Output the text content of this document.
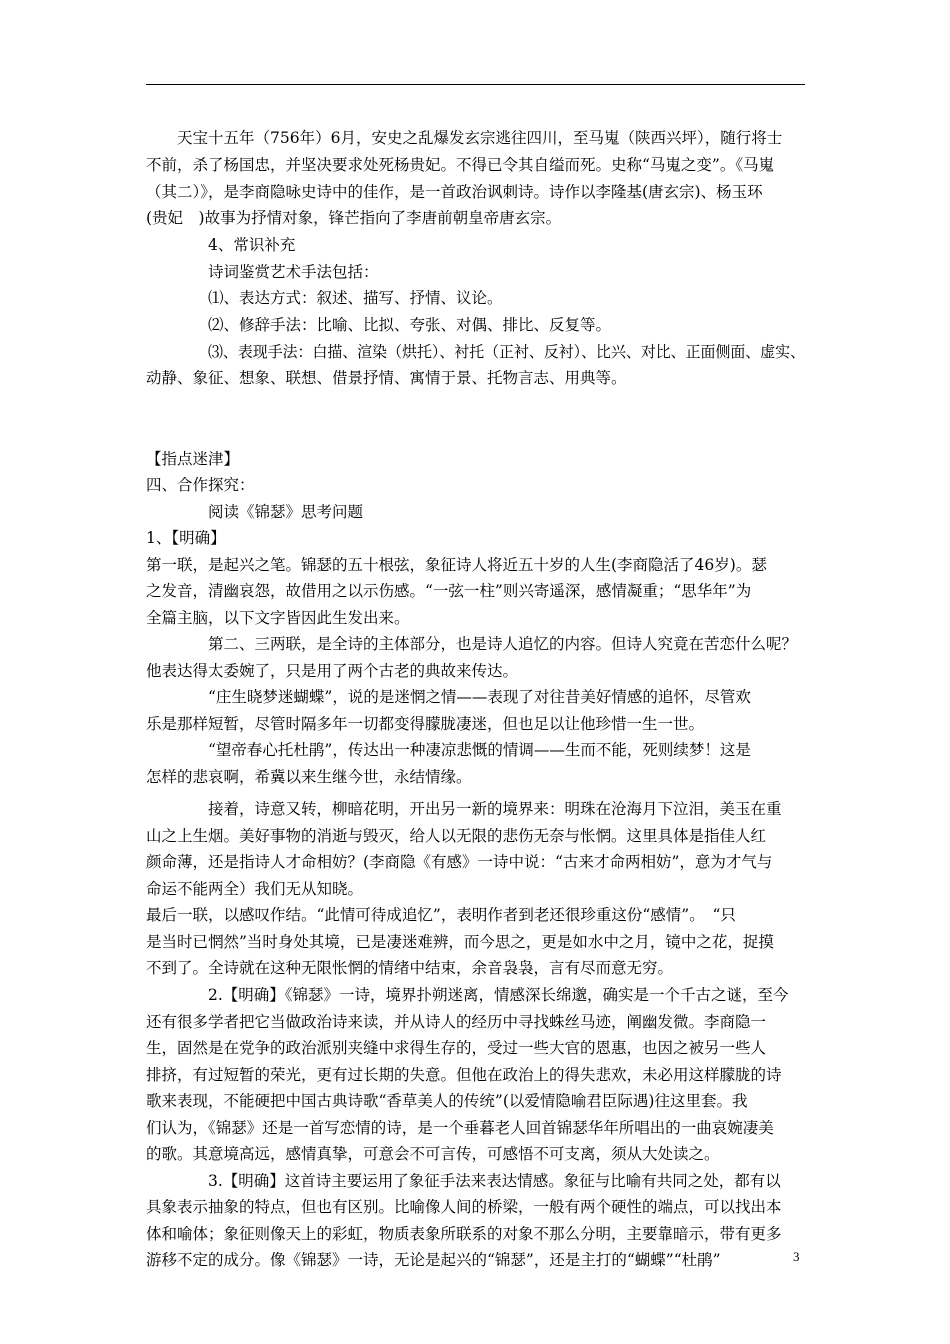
天宝十五年（756年）6月，安史之乱爆发玄宗逃往四川，至马嵬（陕西兴坪），随行将士
不前，杀了杨国忠，并坚决要求处死杨贵妃。不得已令其自缢而死。史称“马嵬之变”。《马嵬
（其二）》，是李商隐咏史诗中的佳作，是一首政治讽刺诗。诗作以李隆基(唐玄宗)、杨玉环
(贵妃　)故事为抒情对象，锋芒指向了李唐前朝皇帝唐玄宗。
4、常识补充
诗词鉴赏艺术手法包括：
⑴、表达方式：叙述、描写、抒情、议论。
⑵、修辞手法：比喻、比拟、夸张、对偶、排比、反复等。
⑶、表现手法：白描、渲染（烘托）、衬托（正衬、反衬）、比兴、对比、正面侧面、虚实、
动静、象征、想象、联想、借景抒情、寓情于景、托物言志、用典等。
【指点迷津】
四、合作探究：
阅读《锦瑟》思考问题
1、【明确】
第一联，是起兴之笔。锦瑟的五十根弦，象征诗人将近五十岁的人生(李商隐活了46岁)。瑟
之发音，清幽哀怨，故借用之以示伤感。“一弦一柱”则兴寄遥深，感情凝重；“思华年”为
全篇主脑，以下文字皆因此生发出来。
第二、三两联，是全诗的主体部分，也是诗人追忆的内容。但诗人究竟在苦恋什么呢？
他表达得太委婉了，只是用了两个古老的典故来传达。
“庄生晓梦迷蝴蝶”，说的是迷惘之情——表现了对往昔美好情感的追怀，尽管欢
乐是那样短暂，尽管时隔多年一切都变得朦胧凄迷，但也足以让他珍惜一生一世。
“望帝春心托杜鹃”，传达出一种凄凉悲慨的情调——生而不能，死则续梦！这是
怎样的悲哀啊，希冀以来生继今世，永结情缘。
接着，诗意又转，柳暗花明，开出另一新的境界来：明珠在沧海月下泣泪，美玉在重
山之上生烟。美好事物的消逝与毁灭，给人以无限的悲伤无奈与怅惘。这里具体是指佳人红
颜命薄，还是指诗人才命相妨？(李商隐《有感》一诗中说：“古来才命两相妨”，意为才气与
命运不能两全）我们无从知晓。
最后一联，以感叹作结。“此情可待成追忆”，表明作者到老还很珍重这份“感情”。　“只
是当时已惘然”当时身处其境，已是凄迷难辨，而今思之，更是如水中之月，镜中之花，捉摸
不到了。全诗就在这种无限怅惘的情绪中结束，余音袅袅，言有尽而意无穷。
2.【明确】《锦瑟》一诗，境界扑朔迷离，情感深长绵邈，确实是一个千古之谜，至今
还有很多学者把它当做政治诗来读，并从诗人的经历中寻找蛛丝马迹，阐幽发微。李商隐一
生，固然是在党争的政治派别夹缝中求得生存的，受过一些大官的恩惠，也因之被另一些人
排挤，有过短暂的荣光，更有过长期的失意。但他在政治上的得失悲欢，未必用这样朦胧的诗
歌来表现，不能硬把中国古典诗歌“香草美人的传统”(以爱情隐喻君臣际遇)往这里套。我
们认为，《锦瑟》还是一首写恋情的诗，是一个垂暮老人回首锦瑟华年所唱出的一曲哀婉凄美
的歌。其意境高远，感情真挚，可意会不可言传，可感悟不可支离，须从大处读之。
3.【明确】这首诗主要运用了象征手法来表达情感。象征与比喻有共同之处，都有以
具象表示抽象的特点，但也有区别。比喻像人间的桥梁，一般有两个硬性的端点，可以找出本
体和喻体；象征则像天上的彩虹，物质表象所联系的对象不那么分明，主要靠暗示，带有更多
游移不定的成分。像《锦瑟》一诗，无论是起兴的“锦瑟”，还是主打的“蝴蝶”“杜鹃”	3
